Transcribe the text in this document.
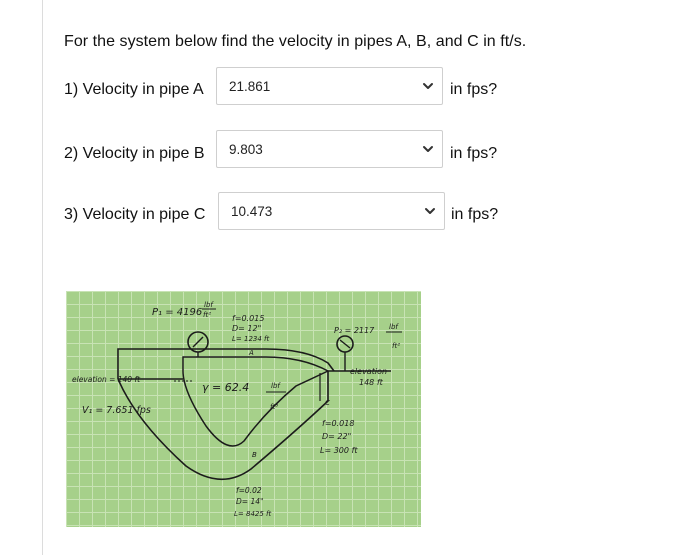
For the system below find the velocity in pipes A, B, and C in ft/s.
1) Velocity in pipe A 21.861	in fps?
2) Velocity in pipe B 9.803	in fps?
3) Velocity in pipe C 10.473	in fps?
P₁ = 4196
lbf
ft²	f=0.015
D= 12"
L= 1234 ft
A
elevation = 140 ft
V₁ = 7.651 fps
γ = 62.4	lbf
ft³
B
f=0.02
D= 14"
L= 8425 ft
P₂ = 2117 lbf
ft²
elevation
148 ft
C
f=0.018
D= 22"
L= 300 ft
